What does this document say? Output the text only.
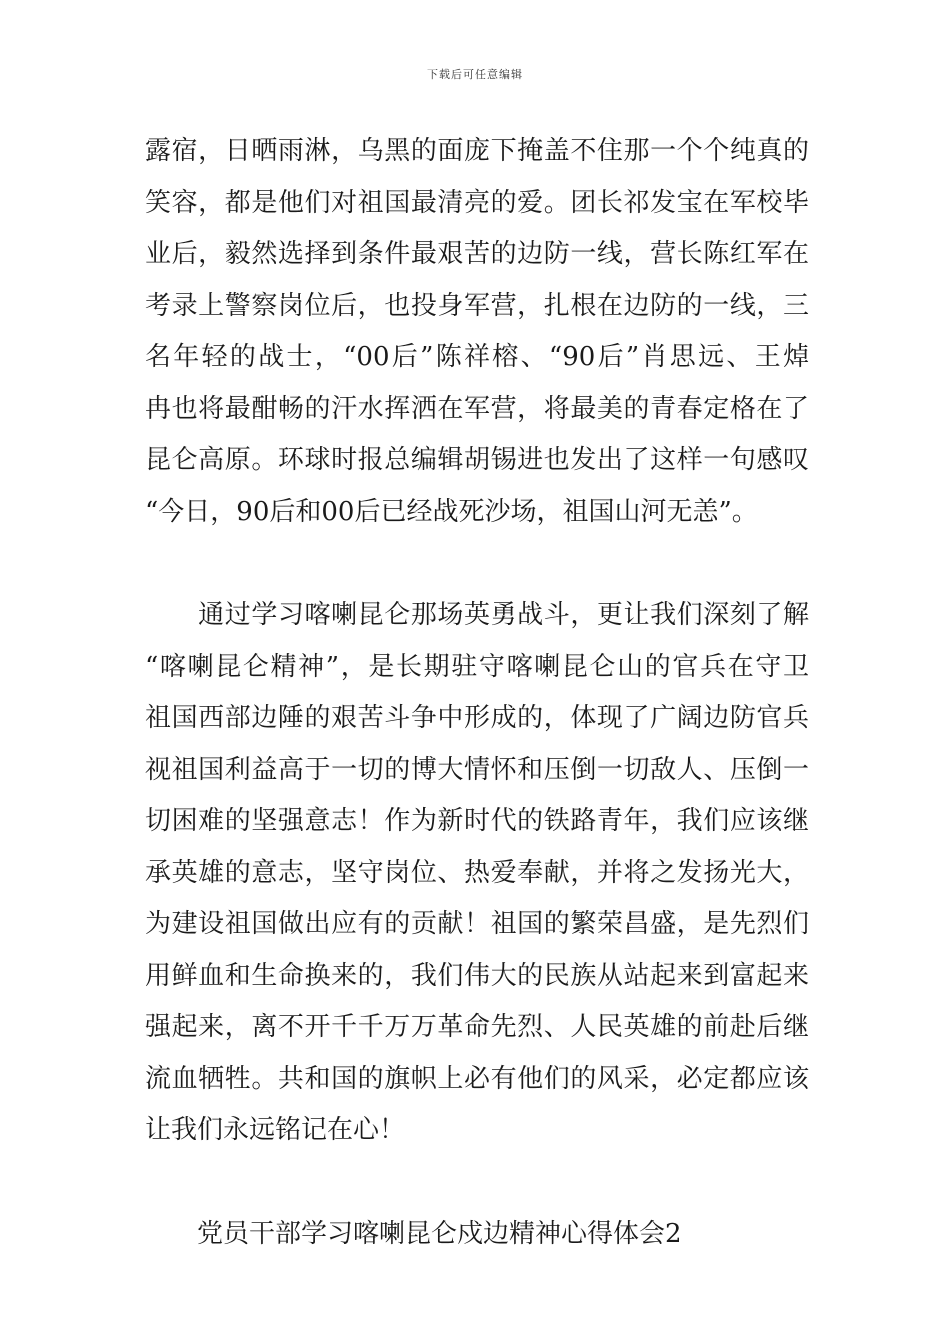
下载后可任意编辑
露宿，日晒雨淋，乌黑的面庞下掩盖不住那一个个纯真的
笑容，都是他们对祖国最清亮的爱。团长祁发宝在军校毕
业后，毅然选择到条件最艰苦的边防一线，营长陈红军在
考录上警察岗位后，也投身军营，扎根在边防的一线，三
名年轻的战士，“00后”陈祥榕、“90后”肖思远、王焯
冉也将最酣畅的汗水挥洒在军营，将最美的青春定格在了
昆仑高原。环球时报总编辑胡锡进也发出了这样一句感叹
“今日，90后和00后已经战死沙场，祖国山河无恙”。
　　通过学习喀喇昆仑那场英勇战斗，更让我们深刻了解
“喀喇昆仑精神”，是长期驻守喀喇昆仑山的官兵在守卫
祖国西部边陲的艰苦斗争中形成的，体现了广阔边防官兵
视祖国利益高于一切的博大情怀和压倒一切敌人、压倒一
切困难的坚强意志！作为新时代的铁路青年，我们应该继
承英雄的意志，坚守岗位、热爱奉献，并将之发扬光大，
为建设祖国做出应有的贡献！祖国的繁荣昌盛，是先烈们
用鲜血和生命换来的，我们伟大的民族从站起来到富起来
强起来，离不开千千万万革命先烈、人民英雄的前赴后继
流血牺牲。共和国的旗帜上必有他们的风采，必定都应该
让我们永远铭记在心！
党员干部学习喀喇昆仑戍边精神心得体会2
